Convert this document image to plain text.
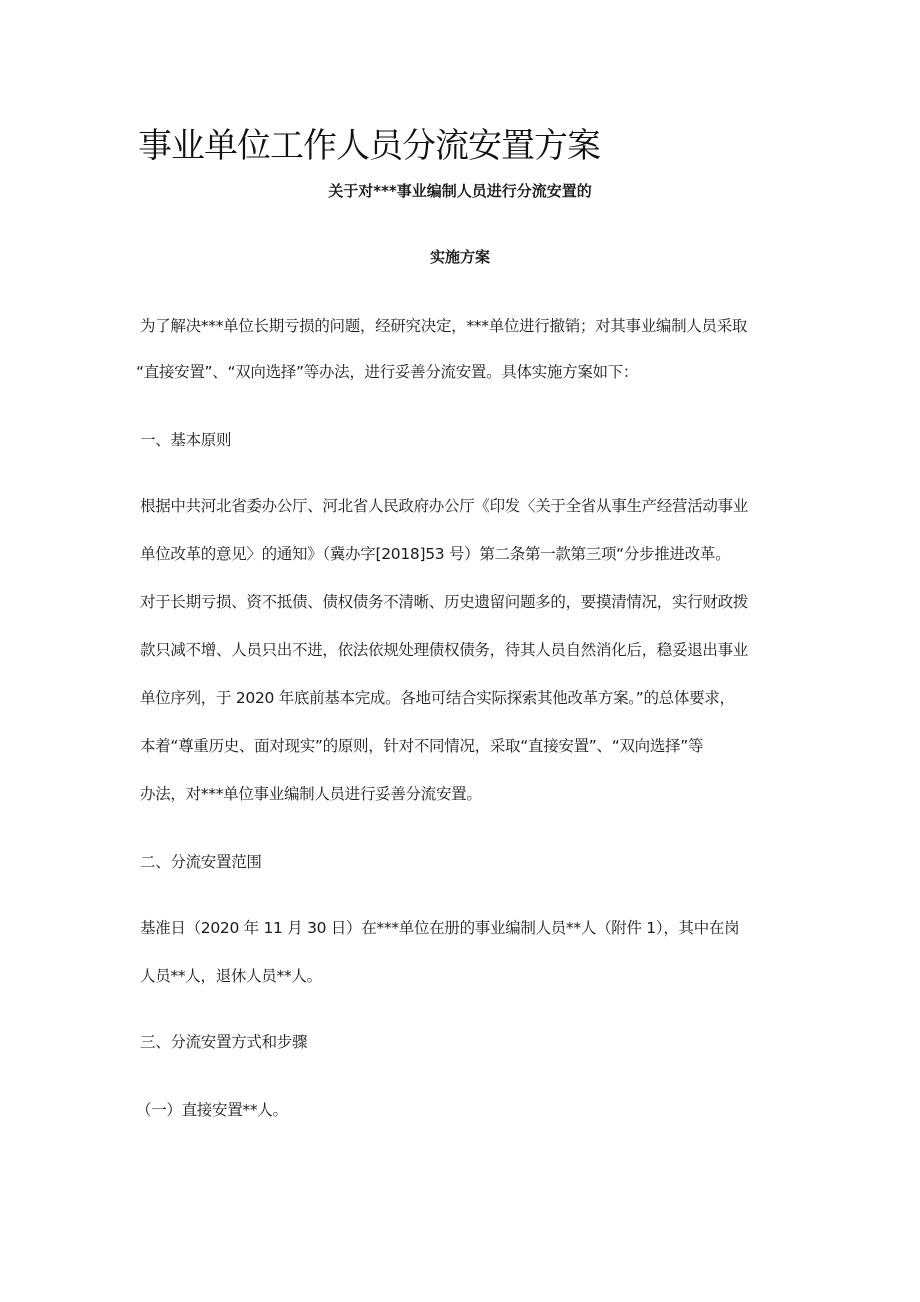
事业单位工作人员分流安置方案
关于对***事业编制人员进行分流安置的
实施方案
为了解决***单位长期亏损的问题，经研究决定，***单位进行撤销；对其事业编制人员采取
“直接安置”、“双向选择”等办法，进行妥善分流安置。具体实施方案如下：
一、基本原则
根据中共河北省委办公厅、河北省人民政府办公厅《印发〈关于全省从事生产经营活动事业
单位改革的意见〉的通知》（冀办字[2018]53 号）第二条第一款第三项“分步推进改革。
对于长期亏损、资不抵债、债权债务不清晰、历史遗留问题多的，要摸清情况，实行财政拨
款只减不增、人员只出不进，依法依规处理债权债务，待其人员自然消化后，稳妥退出事业
单位序列，于 2020 年底前基本完成。各地可结合实际探索其他改革方案。”的总体要求，
本着“尊重历史、面对现实”的原则，针对不同情况，采取“直接安置”、“双向选择”等
办法，对***单位事业编制人员进行妥善分流安置。
二、分流安置范围
基准日（2020 年 11 月 30 日）在***单位在册的事业编制人员**人（附件 1），其中在岗
人员**人，退休人员**人。
三、分流安置方式和步骤
（一）直接安置**人。
